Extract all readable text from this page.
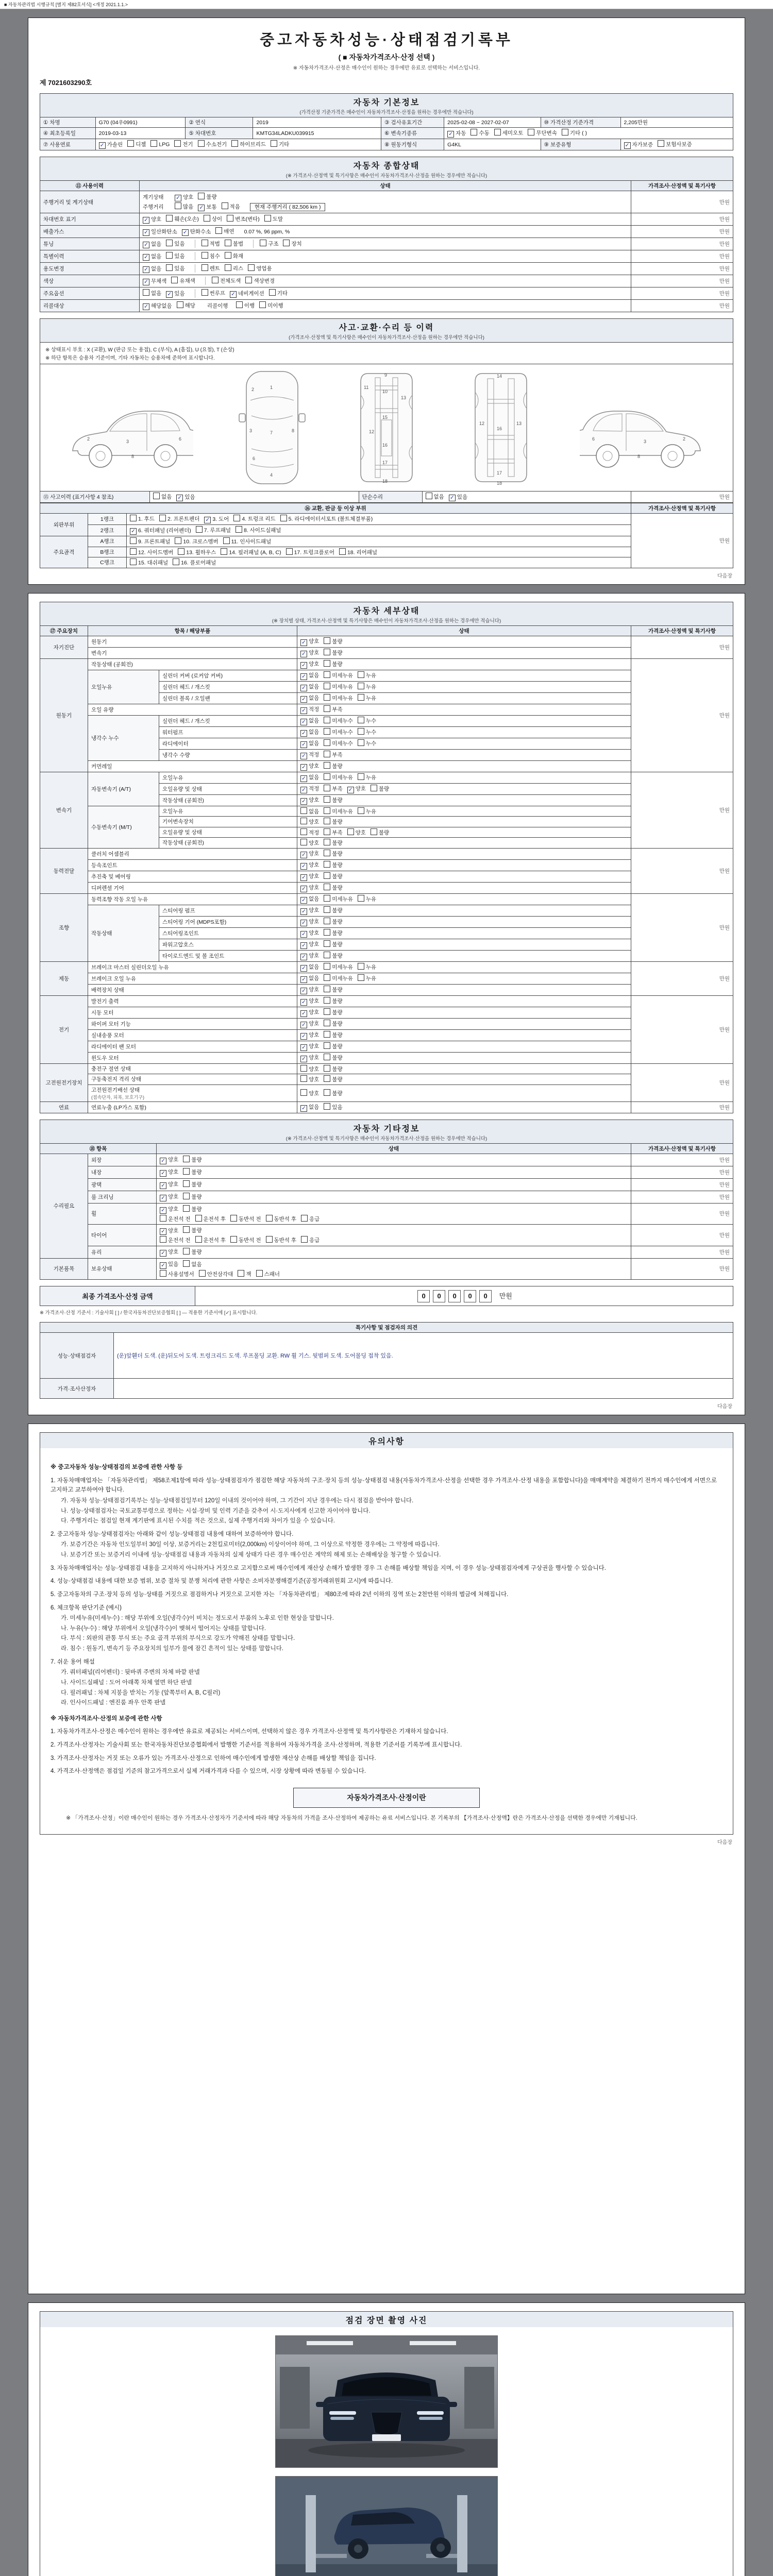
■ 자동차관리법 시행규칙 [별지 제82호서식] <개정 2021.1.1.>
중고자동차성능·상태점검기록부
( ■ 자동차가격조사·산정 선택 )
※ 자동차가격조사·산정은 매수인이 원하는 경우에만 유료로 선택하는 서비스입니다.
제 7021603290호
자동차 기본정보
(가격산정 기준가격은 매수인이 자동차가격조사·산정을 원하는 경우에만 적습니다)
① 차명	G70 (04우0991)	② 연식	2019	③ 검사유효기간	2025-02-08 ~ 2027-02-07	⑩ 가격산정 기준가격	2,205만원
④ 최초등록일	2019-03-13	⑤ 차대번호	KMTG34LADKU039915	⑥ 변속기종류	✓ 자동 수동 세미오토 무단변속 기타 ( )		
⑦ 사용연료	✓ 가솔린 디젤 LPG 전기 수소전기 하이브리드 기타			⑧ 원동기형식	G4KL	⑨ 보증유형	✓ 자가보증 보험사보증
자동차 종합상태
(※ 가격조사·산정액 및 특기사항은 매수인이 자동차가격조사·산정을 원하는 경우에만 적습니다)
⑪ 사용이력	상태	가격조사·산정액 및 특기사항
주행거리 및 계기상태	계기상태 ✓ 양호 불량
주행거리 많음 ✓ 보통 적음 현재 주행거리 ( 82,506 km )	만원
차대번호 표기	✓ 양호 훼손(오손) 상이 변조(변타) 도말	만원
배출가스	✓ 일산화탄소 ✓ 탄화수소 매연 0.07 %, 96 ppm, %	만원
튜닝	✓ 없음 있음 적법 불법 구조 장치	만원
특별이력	✓ 없음 있음 침수 화재	만원
용도변경	✓ 없음 있음 렌트 리스 영업용	만원
색상	✓ 무채색 유채색 전체도색 색상변경	만원
주요옵션	없음 ✓ 있음 썬루프 ✓ 네비게이션 기타	만원
리콜대상	✓ 해당없음 해당 리콜이행 이행 미이행	만원
사고·교환·수리 등 이력
(가격조사·산정액 및 특기사항은 매수인이 자동차가격조사·산정을 원하는 경우에만 적습니다)
※ 상태표시 부호 : X (교환), W (판금 또는 용접), C (부식), A (흠집), U (요철), T (손상)
※ 하단 항목은 승용차 기준이며, 기타 자동차는 승용차에 준하여 표시합니다.
2	3	6
8
1
2
3
4
6
7	8
9
10
11
12
13
15
16
17
18
14
12	13
16
17
18
2
3
6
8
⑮ 사고이력 (표기사항 4 참조)	없음 ✓ 있음	단순수리	없음 ✓ 있음	만원
⑯ 교환, 판금 등 이상 부위			가격조사·산정액 및 특기사항
외판부위	1랭크	1. 후드 2. 프론트펜더 ✓ 3. 도어 4. 트렁크 리드 5. 라디에이터서포트 (볼트체결부품)	만원
	2랭크	✓ 6. 쿼터패널 (리어펜더) 7. 루프패널 8. 사이드실패널	
주요골격	A랭크	9. 프론트패널 10. 크로스멤버 11. 인사이드패널	
	B랭크	12. 사이드멤버 13. 휠하우스 14. 필러패널 (A, B, C) 17. 트렁크플로어 18. 리어패널	
	C랭크	15. 대쉬패널 16. 플로어패널	
다음장
자동차 세부상태
(※ 장치별 상태, 가격조사·산정액 및 특기사항은 매수인이 자동차가격조사·산정을 원하는 경우에만 적습니다)
⑰ 주요장치	항목 / 해당부품		상태	가격조사·산정액 및 특기사항
자기진단	원동기		✓ 양호 불량	만원
	변속기		✓ 양호 불량	
원동기	작동상태 (공회전)		✓ 양호 불량	만원
	오일누유	실린더 커버 (로커암 커버)	✓ 없음 미세누유 누유	
		실린더 헤드 / 개스킷	✓ 없음 미세누유 누유	
		실린더 블록 / 오일팬	✓ 없음 미세누유 누유	
	오일 유량		✓ 적정 부족	
	냉각수 누수	실린더 헤드 / 개스킷	✓ 없음 미세누수 누수	
		워터펌프	✓ 없음 미세누수 누수	
		라디에이터	✓ 없음 미세누수 누수	
		냉각수 수량	✓ 적정 부족	
	커먼레일		✓ 양호 불량	
변속기	자동변속기 (A/T)	오일누유	✓ 없음 미세누유 누유	만원
		오일유량 및 상태	✓ 적정 부족 ✓ 양호 불량	
		작동상태 (공회전)	✓ 양호 불량	
	수동변속기 (M/T)	오일누유	없음 미세누유 누유	
		기어변속장치	양호 불량	
		오일유량 및 상태	적정 부족 양호 불량	
		작동상태 (공회전)	양호 불량	
동력전달	클러치 어셈블리		✓ 양호 불량	만원
	등속조인트		✓ 양호 불량	
	추진축 및 베어링		✓ 양호 불량	
	디퍼렌셜 기어		✓ 양호 불량	
조향	동력조향 작동 오일 누유		✓ 없음 미세누유 누유	만원
	작동상태	스티어링 펌프	✓ 양호 불량	
		스티어링 기어 (MDPS포함)	✓ 양호 불량	
		스티어링조인트	✓ 양호 불량	
		파워고압호스	✓ 양호 불량	
		타이로드엔드 및 볼 조인트	✓ 양호 불량	
제동	브레이크 마스터 실린더오일 누유		✓ 없음 미세누유 누유	만원
	브레이크 오일 누유		✓ 없음 미세누유 누유	
	배력장치 상태		✓ 양호 불량	
전기	발전기 출력		✓ 양호 불량	만원
	시동 모터		✓ 양호 불량	
	와이퍼 모터 기능		✓ 양호 불량	
	실내송풍 모터		✓ 양호 불량	
	라디에이터 팬 모터		✓ 양호 불량	
	윈도우 모터		✓ 양호 불량	
고전원전기장치	충전구 절연 상태		양호 불량	만원
	구동축전지 격리 상태		양호 불량	
	고전원전기배선 상태
(접속단자, 피복, 보호기구)		양호 불량	
연료	연료누출 (LP가스 포함)		✓ 없음 있음	만원
자동차 기타정보
(※ 가격조사·산정액 및 특기사항은 매수인이 자동차가격조사·산정을 원하는 경우에만 적습니다)
⑱ 항목		상태	가격조사·산정액 및 특기사항
수리필요	외장	✓ 양호 불량	만원
	내장	✓ 양호 불량	만원
	광택	✓ 양호 불량	만원
	룸 크리닝	✓ 양호 불량	만원
	휠	✓ 양호 불량
운전석 전 운전석 후 동반석 전 동반석 후 응급	만원
	타이어	✓ 양호 불량
운전석 전 운전석 후 동반석 전 동반석 후 응급	만원
	유리	✓ 양호 불량	만원
기본품목	보유상태	✓ 있음 없음
사용설명서 안전삼각대 잭 스패너	만원
최종 가격조사·산정 금액	0 0 0 0 0 만원
※ 가격조사·산정 기준서 : 기술사회 [ ] / 한국자동차진단보증협회 [ ] — 적용한 기준서에 [✓] 표시합니다.
특기사항 및 점검자의 의견	
성능·상태점검자	(운)앞휀더 도색. (운)뒤도어 도색. 트렁크리드 도색. 루프몰딩 교환. RW 휠 기스. 뒷범퍼 도색. 도어몰딩 접착 있음.
가격·조사산정자	
다음장
유의사항
※ 중고자동차 성능·상태점검의 보증에 관한 사항 등
1. 자동차매매업자는 「자동차관리법」 제58조제1항에 따라 성능·상태점검자가 점검한 해당 자동차의 구조·장치 등의 성능·상태점검 내용(자동차가격조사·산정을 선택한 경우 가격조사·산정 내용을 포함합니다)을 매매계약을 체결하기 전까지 매수인에게 서면으로 고지하고 교부하여야 합니다.
가. 자동차 성능·상태점검기록부는 성능·상태점검일부터 120일 이내의 것이어야 하며, 그 기간이 지난 경우에는 다시 점검을 받아야 합니다.
나. 성능·상태점검자는 국토교통부령으로 정하는 시설·장비 및 인력 기준을 갖추어 시·도지사에게 신고한 자이어야 합니다.
다. 주행거리는 점검일 현재 계기판에 표시된 수치를 적은 것으로, 실제 주행거리와 차이가 있을 수 있습니다.
2. 중고자동차 성능·상태점검자는 아래와 같이 성능·상태점검 내용에 대하여 보증하여야 합니다.
가. 보증기간은 자동차 인도일부터 30일 이상, 보증거리는 2천킬로미터(2,000km) 이상이어야 하며, 그 이상으로 약정한 경우에는 그 약정에 따릅니다.
나. 보증기간 또는 보증거리 이내에 성능·상태점검 내용과 자동차의 실제 상태가 다른 경우 매수인은 계약의 해제 또는 손해배상을 청구할 수 있습니다.
3. 자동차매매업자는 성능·상태점검 내용을 고지하지 아니하거나 거짓으로 고지함으로써 매수인에게 재산상 손해가 발생한 경우 그 손해를 배상할 책임을 지며, 이 경우 성능·상태점검자에게 구상권을 행사할 수 있습니다.
4. 성능·상태점검 내용에 대한 보증 범위, 보증 절차 및 분쟁 처리에 관한 사항은 소비자분쟁해결기준(공정거래위원회 고시)에 따릅니다.
5. 중고자동차의 구조·장치 등의 성능·상태를 거짓으로 점검하거나 거짓으로 고지한 자는 「자동차관리법」 제80조에 따라 2년 이하의 징역 또는 2천만원 이하의 벌금에 처해집니다.
6. 체크항목 판단기준 (예시)
가. 미세누유(미세누수) : 해당 부위에 오일(냉각수)이 비치는 정도로서 부품의 노후로 인한 현상을 말합니다.
나. 누유(누수) : 해당 부위에서 오일(냉각수)이 맺혀서 떨어지는 상태를 말합니다.
다. 부식 : 외판의 관통 부식 또는 주요 골격 부위의 부식으로 강도가 약해진 상태를 말합니다.
라. 침수 : 원동기, 변속기 등 주요장치의 일부가 물에 잠긴 흔적이 있는 상태를 말합니다.
7. 쉬운 용어 해설
가. 쿼터패널(리어펜더) : 뒷바퀴 주변의 차체 바깥 판넬
나. 사이드실패널 : 도어 아래쪽 차체 옆면 하단 판넬
다. 필러패널 : 차체 지붕을 받치는 기둥 (앞쪽부터 A, B, C필러)
라. 인사이드패널 : 엔진룸 좌우 안쪽 판넬
※ 자동차가격조사·산정의 보증에 관한 사항
1. 자동차가격조사·산정은 매수인이 원하는 경우에만 유료로 제공되는 서비스이며, 선택하지 않은 경우 가격조사·산정액 및 특기사항란은 기재하지 않습니다.
2. 가격조사·산정자는 기술사회 또는 한국자동차진단보증협회에서 발행한 기준서를 적용하여 자동차가격을 조사·산정하며, 적용한 기준서를 기록부에 표시합니다.
3. 가격조사·산정자는 거짓 또는 오류가 있는 가격조사·산정으로 인하여 매수인에게 발생한 재산상 손해를 배상할 책임을 집니다.
4. 가격조사·산정액은 점검일 기준의 참고가격으로서 실제 거래가격과 다를 수 있으며, 시장 상황에 따라 변동될 수 있습니다.
자동차가격조사·산정이란
※ 「가격조사·산정」이란 매수인이 원하는 경우 가격조사·산정자가 기준서에 따라 해당 자동차의 가격을 조사·산정하여 제공하는 유료 서비스입니다. 본 기록부의 【가격조사·산정액】란은 가격조사·산정을 선택한 경우에만 기재됩니다.
다음장
점검 장면 촬영 사진
